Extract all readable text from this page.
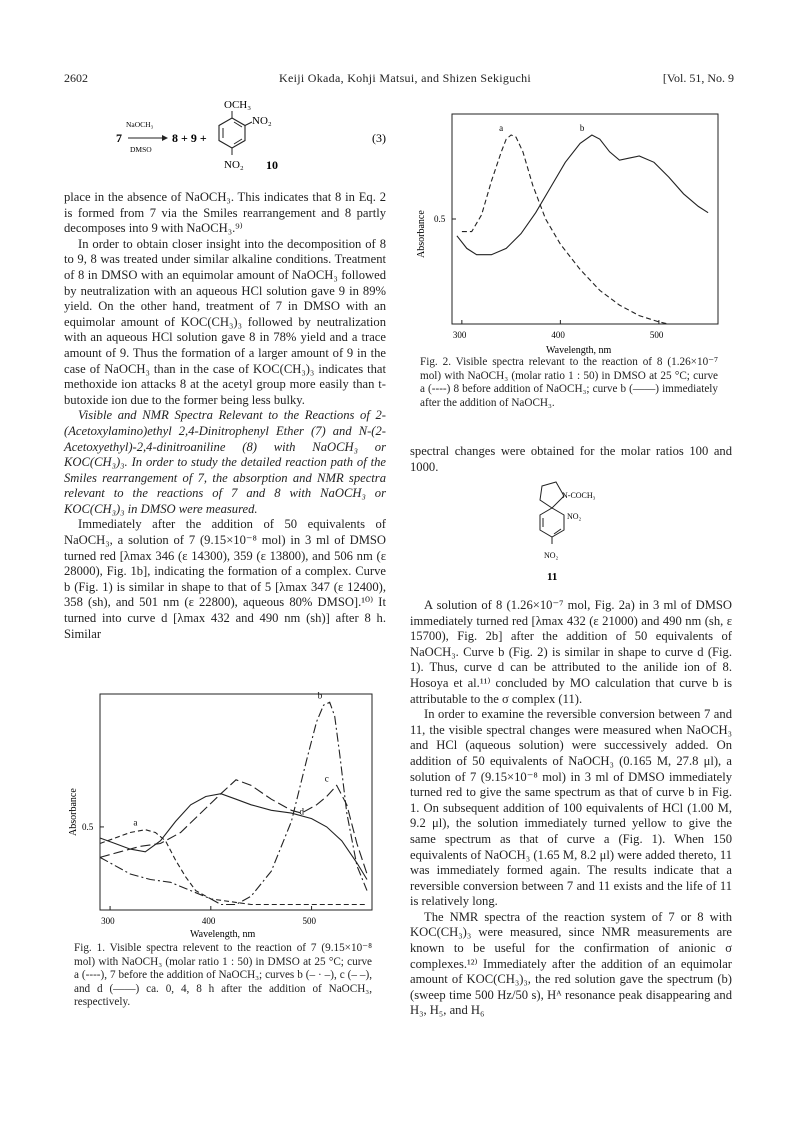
2602	Keiji Okada, Kohji Matsui, and Shizen Sekiguchi	[Vol. 51, No. 9
7
NaOCH₃
DMSO
8 + 9 +
OCH₃
NO₂
NO₂ 10
(3)

place in the absence of NaOCH₃. This indicates that 8 in Eq. 2 is formed from 7 via the Smiles rearrangement and 8 partly decomposes into 9 with NaOCH₃.⁹⁾

In order to obtain closer insight into the decomposition of 8 to 9, 8 was treated under similar alkaline conditions. Treatment of 8 in DMSO with an equimolar amount of NaOCH₃ followed by neutralization with an aqueous HCl solution gave 9 in 89% yield. On the other hand, treatment of 7 in DMSO with an equimolar amount of KOC(CH₃)₃ followed by neutralization with an aqueous HCl solution gave 8 in 78% yield and a trace amount of 9. Thus the formation of a larger amount of 9 in the case of NaOCH₃ than in the case of KOC(CH₃)₃ indicates that methoxide ion attacks 8 at the acetyl group more easily than t-butoxide ion due to the former being less bulky.

Visible and NMR Spectra Relevant to the Reactions of 2-(Acetoxylamino)ethyl 2,4-Dinitrophenyl Ether (7) and N-(2-Acetoxyethyl)-2,4-dinitroaniline (8) with NaOCH₃ or KOC(CH₃)₃. In order to study the detailed reaction path of the Smiles rearrangement of 7, the absorption and NMR spectra relevant to the reactions of 7 and 8 with NaOCH₃ or KOC(CH₃)₃ in DMSO were measured.

Immediately after the addition of 50 equivalents of NaOCH₃, a solution of 7 (9.15×10⁻⁸ mol) in 3 ml of DMSO turned red [λmax 346 (ε 14300), 359 (ε 13800), and 506 nm (ε 28000), Fig. 1b], indicating the formation of a complex. Curve b (Fig. 1) is similar in shape to that of 5 [λmax 347 (ε 12400), 358 (sh), and 501 nm (ε 22800), aqueous 80% DMSO].¹⁰⁾ It turned into curve d [λmax 432 and 490 nm (sh)] after 8 h. Similar

300	400	500
0.5
a	b
Absorbance
Wavelength, nm
Fig. 2. Visible spectra relevant to the reaction of 8 (1.26×10⁻⁷ mol) with NaOCH₃ (molar ratio 1 : 50) in DMSO at 25 °C; curve a (----) 8 before addition of NaOCH₃; curve b (——) immediately after the addition of NaOCH₃.
spectral changes were obtained for the molar ratios 100 and 1000.
N-COCH₃
NO₂
NO₂
11

A solution of 8 (1.26×10⁻⁷ mol, Fig. 2a) in 3 ml of DMSO immediately turned red [λmax 432 (ε 21000) and 490 nm (sh, ε 15700), Fig. 2b] after the addition of 50 equivalents of NaOCH₃. Curve b (Fig. 2) is similar in shape to curve d (Fig. 1). Thus, curve d can be attributed to the anilide ion of 8. Hosoya et al.¹¹⁾ concluded by MO calculation that curve b is attributable to the σ complex (11).

In order to examine the reversible conversion between 7 and 11, the visible spectral changes were measured when NaOCH₃ and HCl (aqueous solution) were successively added. On addition of 50 equivalents of NaOCH₃ (0.165 M, 27.8 μl), a solution of 7 (9.15×10⁻⁸ mol) in 3 ml of DMSO immediately turned red to give the same spectrum as that of curve b in Fig. 1. On subsequent addition of 100 equivalents of HCl (1.00 M, 9.2 μl), the solution immediately turned yellow to give the same spectrum as that of curve a (Fig. 1). When 150 equivalents of NaOCH₃ (1.65 M, 8.2 μl) were added thereto, 11 was immediately formed again. The results indicate that a reversible conversion between 7 and 11 exists and the life of 11 is relatively long.

The NMR spectra of the reaction system of 7 or 8 with KOC(CH₃)₃ were measured, since NMR measurements are known to be useful for the confirmation of anionic σ complexes.¹²⁾ Immediately after the addition of an equimolar amount of KOC(CH₃)₃, the red solution gave the spectrum (b) (sweep time 500 Hz/50 s), Hᴬ resonance peak disappearing and H₃, H₅, and H₆

300	400	500
0.5	a
b
c
d
Absorbance
Wavelength, nm
Fig. 1. Visible spectra relevent to the reaction of 7 (9.15×10⁻⁸ mol) with NaOCH₃ (molar ratio 1 : 50) in DMSO at 25 °C; curve a (----), 7 before the addition of NaOCH₃; curves b (– · –), c (– –), and d (——) ca. 0, 4, 8 h after the addition of NaOCH₃, respectively.
